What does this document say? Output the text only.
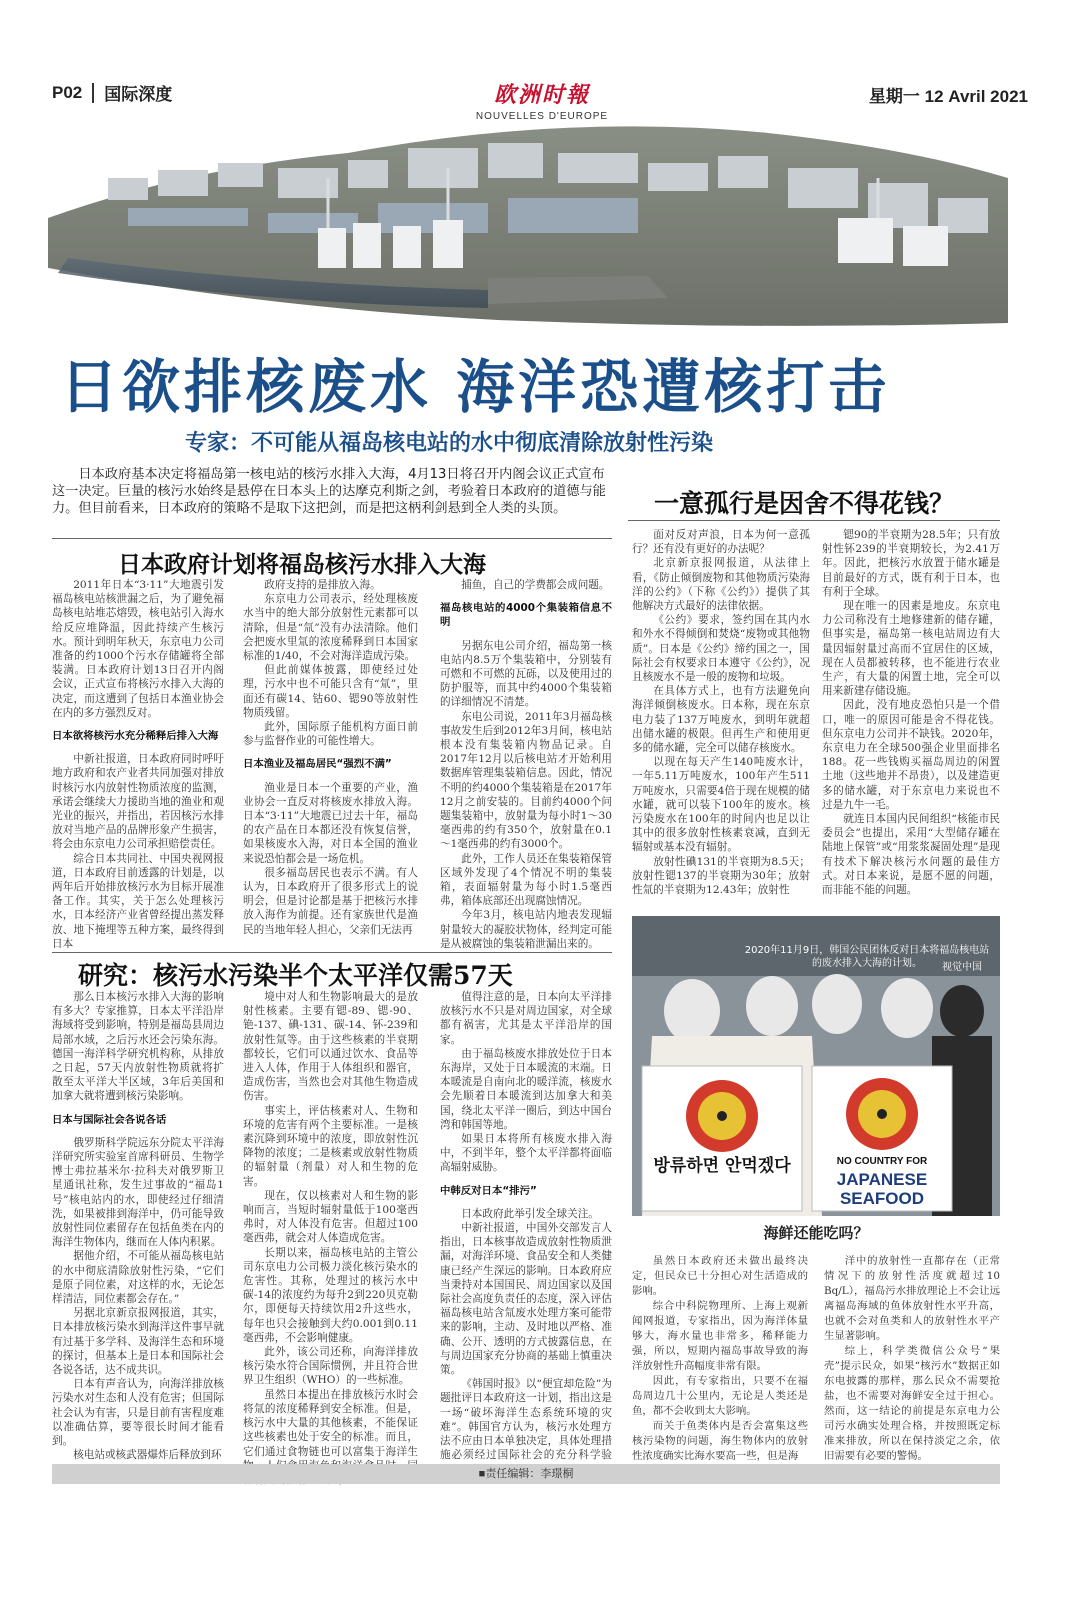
P02 国际深度	欧洲时報
NOUVELLES D'EUROPE
星期一 12 Avril 2021
日欲排核废水 海洋恐遭核打击
专家：不可能从福岛核电站的水中彻底清除放射性污染
日本政府基本决定将福岛第一核电站的核污水排入大海，4月13日将召开内阁会议正式宣布这一决定。巨量的核污水始终是悬停在日本头上的达摩克利斯之剑，考验着日本政府的道德与能力。但目前看来，日本政府的策略不是取下这把剑，而是把这柄利剑悬到全人类的头顶。
日本政府计划将福岛核污水排入大海

2011年日本“3·11”大地震引发福岛核电站核泄漏之后，为了避免福岛核电站堆芯熔毁，核电站引入海水给反应堆降温，因此持续产生核污水。预计到明年秋天，东京电力公司准备的约1000个污水存储罐将全部装满。日本政府计划13日召开内阁会议，正式宣布将核污水排入大海的决定，而这遭到了包括日本渔业协会在内的多方强烈反对。

日本欲将核污水充分稀释后排入大海

中新社报道，日本政府同时呼吁地方政府和农产业者共同加强对排放时核污水内放射性物质浓度的监测，承诺会继续大力援助当地的渔业和观光业的振兴，并指出，若因核污水排放对当地产品的品牌形象产生损害，将会由东京电力公司承担赔偿责任。

综合日本共同社、中国央视网报道，日本政府目前透露的计划是，以两年后开始排放核污水为目标开展准备工作。其实，关于怎么处理核污水，日本经济产业省曾经提出蒸发释放、地下掩埋等五种方案，最终得到日本

政府支持的是排放入海。

东京电力公司表示，经处理核废水当中的绝大部分放射性元素都可以清除，但是“氚”没有办法清除。他们会把废水里氚的浓度稀释到日本国家标准的1/40，不会对海洋造成污染。

但此前媒体披露，即使经过处理，污水中也不可能只含有“氚”，里面还有碳14、钴60、锶90等放射性物质残留。

此外，国际原子能机构方面日前参与监督作业的可能性增大。

日本渔业及福岛居民“强烈不满”

渔业是日本一个重要的产业，渔业协会一直反对将核废水排放入海。日本“3·11”大地震已过去十年，福岛的农产品在日本都还没有恢复信誉，如果核废水入海，对日本全国的渔业来说恐怕都会是一场危机。

很多福岛居民也表示不满。有人认为，日本政府开了很多形式上的说明会，但是讨论都是基于把核污水排放入海作为前提。还有家族世代是渔民的当地年轻人担心，父亲们无法再

捕鱼，自己的学费都会成问题。

福岛核电站的4000个集装箱信息不明

另据东电公司介绍，福岛第一核电站内8.5万个集装箱中，分别装有可燃和不可燃的瓦砾，以及使用过的防护服等，而其中约4000个集装箱的详细情况不清楚。

东电公司说，2011年3月福岛核事故发生后到2012年3月间，核电站根本没有集装箱内物品记录。自2017年12月以后核电站才开始利用数据库管理集装箱信息。因此，情况不明的约4000个集装箱是在2017年12月之前安装的。目前约4000个问题集装箱中，放射量为每小时1～30毫西弗的约有350个，放射量在0.1～1毫西弗的约有3000个。

此外，工作人员还在集装箱保管区域外发现了4个情况不明的集装箱，表面辐射量为每小时1.5毫西弗，箱体底部还出现腐蚀情况。

今年3月，核电站内地表发现辐射量较大的凝胶状物体，经判定可能是从被腐蚀的集装箱泄漏出来的。

一意孤行是因舍不得花钱？

面对反对声浪，日本为何一意孤行？还有没有更好的办法呢？

北京新京报网报道，从法律上看，《防止倾倒废物和其他物质污染海洋的公约》（下称《公约》）提供了其他解决方式最好的法律依据。

《公约》要求，签约国在其内水和外水不得倾倒和焚烧“废物或其他物质”。日本是《公约》缔约国之一，国际社会有权要求日本遵守《公约》，况且核废水不是一般的废物和垃圾。

在具体方式上，也有方法避免向海洋倾倒核废水。日本称，现在东京电力装了137万吨废水，到明年就超出储水罐的极限。但再生产和使用更多的储水罐，完全可以储存核废水。

以现在每天产生140吨废水计，一年5.11万吨废水，100年产生511万吨废水，只需要4倍于现在规模的储水罐，就可以装下100年的废水。核污染废水在100年的时间内也足以让其中的很多放射性核素衰减，直到无辐射或基本没有辐射。

放射性碘131的半衰期为8.5天；放射性锶137的半衰期为30年；放射性氚的半衰期为12.43年；放射性

锶90的半衰期为28.5年；只有放射性钚239的半衰期较长，为2.41万年。因此，把核污水放置于储水罐是目前最好的方式，既有利于日本，也有利于全球。

现在唯一的因素是地皮。东京电力公司称没有土地修建新的储存罐，但事实是，福岛第一核电站周边有大量因辐射量过高而不宜居住的区域，现在人员都被转移，也不能进行农业生产，有大量的闲置土地，完全可以用来新建存储设施。

因此，没有地皮恐怕只是一个借口，唯一的原因可能是舍不得花钱。但东京电力公司并不缺钱。2020年，东京电力在全球500强企业里面排名188。花一些钱购买福岛周边的闲置土地（这些地并不昂贵），以及建造更多的储水罐，对于东京电力来说也不过是九牛一毛。

就连日本国内民间组织“核能市民委员会”也提出，采用“大型储存罐在陆地上保管”或“用浆浆凝固处理”是现有技术下解决核污水问题的最佳方式。对日本来说，是愿不愿的问题，而非能不能的问题。

2020年11月9日，韩国公民团体反对日本将福岛核电站的废水排入大海的计划。	视觉中国
방류하면 안먹겠다	NO COUNTRY FOR
JAPANESE SEAFOOD
海鲜还能吃吗？
研究：核污水污染半个太平洋仅需57天

那么日本核污水排入大海的影响有多大？专家推算，日本太平洋沿岸海域将受到影响，特别是福岛县周边局部水域，之后污水还会污染东海。德国一海洋科学研究机构称，从排放之日起，57天内放射性物质就将扩散至太平洋大半区域，3年后美国和加拿大就将遭到核污染影响。

日本与国际社会各说各话

俄罗斯科学院远东分院太平洋海洋研究所实验室首席科研员、生物学博士弗拉基米尔·拉科夫对俄罗斯卫星通讯社称，发生过事故的“福岛1号”核电站内的水，即使经过仔细清洗，如果被排到海洋中，仍可能导致放射性同位素留存在包括鱼类在内的海洋生物体内，继而在人体内积累。

据他介绍，不可能从福岛核电站的水中彻底清除放射性污染，“它们是原子同位素，对这样的水，无论怎样清洁，同位素都会存在。”

另据北京新京报网报道，其实，日本排放核污染水到海洋这件事早就有过基于多学科、及海洋生态和环境的探讨，但基本上是日本和国际社会各说各话，达不成共识。

日本有声音认为，向海洋排放核污染水对生态和人没有危害；但国际社会认为有害，只是目前有害程度难以准确估算，要等很长时间才能看到。

核电站或核武器爆炸后释放到环

境中对人和生物影响最大的是放射性核素。主要有锶-89、锶-90、铯-137、碘-131、碳-14、钚-239和放射性氚等。由于这些核素的半衰期都较长，它们可以通过饮水、食品等进入人体，作用于人体组织和器官，造成伤害，当然也会对其他生物造成伤害。

事实上，评估核素对人、生物和环境的危害有两个主要标准。一是核素沉降到环境中的浓度，即放射性沉降物的浓度；二是核素或放射性物质的辐射量（剂量）对人和生物的危害。

现在，仅以核素对人和生物的影响而言，当短时辐射量低于100毫西弗时，对人体没有危害。但超过100毫西弗，就会对人体造成危害。

长期以来，福岛核电站的主管公司东京电力公司极力淡化核污染水的危害性。其称，处理过的核污水中碳-14的浓度约为每升2到220贝克勒尔，即便每天持续饮用2升这些水，每年也只会接触到大约0.001到0.11毫西弗，不会影响健康。

此外，该公司还称，向海洋排放核污染水符合国际惯例，并且符合世界卫生组织（WHO）的一些标准。

虽然日本提出在排放核污水时会将氚的浓度稀释到安全标准。但是，核污水中大量的其他核素，不能保证这些核素也处于安全的标准。而且，它们通过食物链也可以富集于海洋生

值得注意的是，日本向太平洋排放核污水不只是对周边国家，对全球都有祸害，尤其是太平洋沿岸的国家。

由于福岛核废水排放处位于日本东海岸，又处于日本暖流的末端。日本暖流是自南向北的暖洋流，核废水会先顺着日本暖流到达加拿大和美国，绕北太平洋一圈后，到达中国台湾和韩国等地。

如果日本将所有核废水排入海中，不到半年，整个太平洋都将面临高辐射威胁。

中韩反对日本“排污”

日本政府此举引发全球关注。

中新社报道，中国外交部发言人指出，日本核事故造成放射性物质泄漏，对海洋环境、食品安全和人类健康已经产生深远的影响。日本政府应当秉持对本国国民、周边国家以及国际社会高度负责任的态度，深入评估福岛核电站含氚废水处理方案可能带来的影响，主动、及时地以严格、准确、公开、透明的方式披露信息，在与周边国家充分协商的基础上慎重决策。

《韩国时报》以“便宜却危险”为题批评日本政府这一计划，指出这是一场“破坏海洋生态系统环境的灾难”。韩国官方认为，核污水处理方法不应由日本单独决定，具体处理措施必须经过国际社会的充分科学验

虽然日本政府还未做出最终决定，但民众已十分担心对生活造成的影响。

综合中科院物理所、上海上观新闻网报道，专家指出，因为海洋体量够大，海水量也非常多，稀释能力强，所以，短期内福岛事故导致的海洋放射性升高幅度非常有限。

因此，有专家指出，只要不在福岛周边几十公里内，无论是人类还是鱼，都不会收到太大影响。

而关于鱼类体内是否会富集这些核污染物的问题，海生物体内的放射性浓度确实比海水要高一些，但是海

洋中的放射性一直都存在（正常情况下的放射性活度就超过10 Bq/L），福岛污水排放理论上不会让远离福岛海域的鱼体放射性水平升高，也就不会对鱼类和人的放射性水平产生显著影响。

综上，科学类微信公众号“果壳”提示民众，如果“核污水”数据正如东电披露的那样，那么民众不需要抢盐，也不需要对海鲜安全过于担心。然而，这一结论的前提是东京电力公司污水确实处理合格，并按照既定标准来排放，所以在保持淡定之余，依旧需要有必要的警惕。

■责任编辑：李璟桐
